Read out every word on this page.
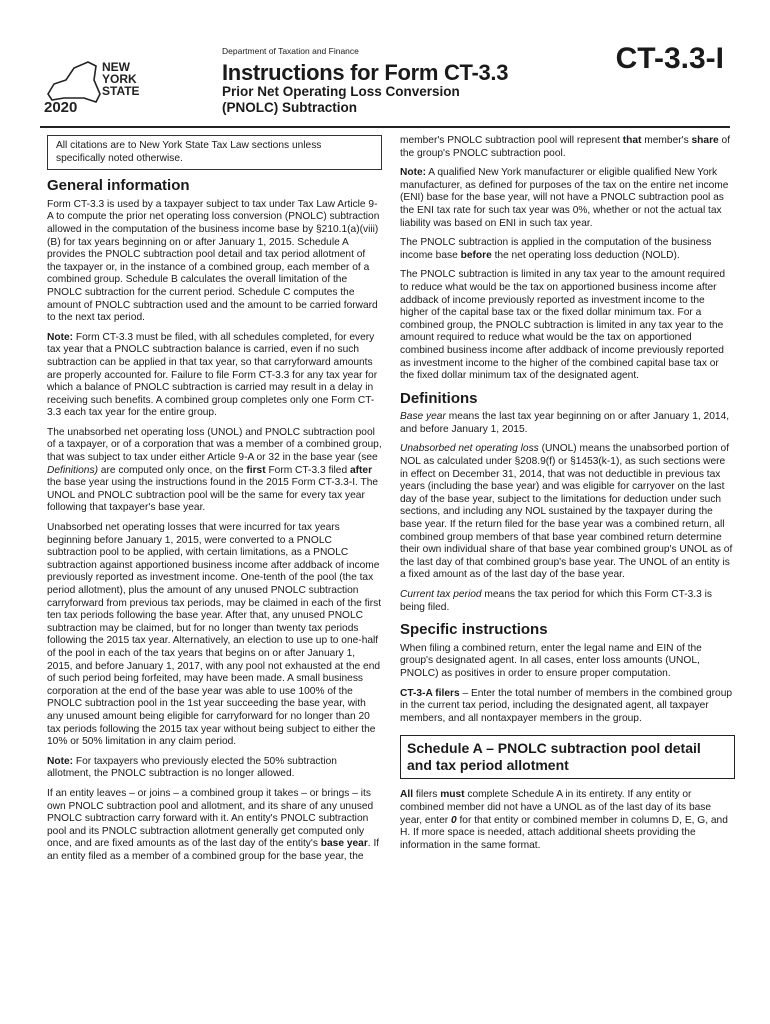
NEW
YORK
STATE
2020
Department of Taxation and Finance
Instructions for Form CT-3.3
Prior Net Operating Loss Conversion
(PNOLC) Subtraction
CT-3.3-I

All citations are to New York State Tax Law sections unless specifically noted otherwise.

General information

Form CT-3.3 is used by a taxpayer subject to tax under Tax Law Article 9-A to compute the prior net operating loss conversion (PNOLC) subtraction allowed in the computation of the business income base by §210.1(a)(viii)(B) for tax years beginning on or after January 1, 2015. Schedule A provides the PNOLC subtraction pool detail and tax period allotment of the taxpayer or, in the instance of a combined group, each member of a combined group. Schedule B calculates the overall limitation of the PNOLC subtraction for the current period. Schedule C computes the amount of PNOLC subtraction used and the amount to be carried forward to the next tax period.

Note: Form CT-3.3 must be filed, with all schedules completed, for every tax year that a PNOLC subtraction balance is carried, even if no such subtraction can be applied in that tax year, so that carryforward amounts are properly accounted for. Failure to file Form CT-3.3 for any tax year for which a balance of PNOLC subtraction is carried may result in a delay in receiving such benefits. A combined group completes only one Form CT-3.3 each tax year for the entire group.

The unabsorbed net operating loss (UNOL) and PNOLC subtraction pool of a taxpayer, or of a corporation that was a member of a combined group, that was subject to tax under either Article 9-A or 32 in the base year (see Definitions) are computed only once, on the first Form CT-3.3 filed after the base year using the instructions found in the 2015 Form CT-3.3-I. The UNOL and PNOLC subtraction pool will be the same for every tax year following that taxpayer's base year.

Unabsorbed net operating losses that were incurred for tax years beginning before January 1, 2015, were converted to a PNOLC subtraction pool to be applied, with certain limitations, as a PNOLC subtraction against apportioned business income after addback of income previously reported as investment income. One-tenth of the pool (the tax period allotment), plus the amount of any unused PNOLC subtraction carryforward from previous tax periods, may be claimed in each of the first ten tax periods following the base year. After that, any unused PNOLC subtraction may be claimed, but for no longer than twenty tax periods following the 2015 tax year. Alternatively, an election to use up to one-half of the pool in each of the tax years that begins on or after January 1, 2015, and before January 1, 2017, with any pool not exhausted at the end of such period being forfeited, may have been made. A small business corporation at the end of the base year was able to use 100% of the PNOLC subtraction pool in the 1st year succeeding the base year, with any unused amount being eligible for carryforward for no longer than 20 tax periods following the 2015 tax year without being subject to either the 10% or 50% limitation in any claim period.

Note: For taxpayers who previously elected the 50% subtraction allotment, the PNOLC subtraction is no longer allowed.

If an entity leaves – or joins – a combined group it takes – or brings – its own PNOLC subtraction pool and allotment, and its share of any unused PNOLC subtraction carry forward with it. An entity's PNOLC subtraction pool and its PNOLC subtraction allotment generally get computed only once, and are fixed amounts as of the last day of the entity's base year. If an entity filed as a member of a combined group for the base year, the

member's PNOLC subtraction pool will represent that member's share of the group's PNOLC subtraction pool.

Note: A qualified New York manufacturer or eligible qualified New York manufacturer, as defined for purposes of the tax on the entire net income (ENI) base for the base year, will not have a PNOLC subtraction pool as the ENI tax rate for such tax year was 0%, whether or not the actual tax liability was based on ENI in such tax year.

The PNOLC subtraction is applied in the computation of the business income base before the net operating loss deduction (NOLD).

The PNOLC subtraction is limited in any tax year to the amount required to reduce what would be the tax on apportioned business income after addback of income previously reported as investment income to the higher of the capital base tax or the fixed dollar minimum tax. For a combined group, the PNOLC subtraction is limited in any tax year to the amount required to reduce what would be the tax on apportioned combined business income after addback of income previously reported as investment income to the higher of the combined capital base tax or the fixed dollar minimum tax of the designated agent.

Definitions

Base year means the last tax year beginning on or after January 1, 2014, and before January 1, 2015.

Unabsorbed net operating loss (UNOL) means the unabsorbed portion of NOL as calculated under §208.9(f) or §1453(k-1), as such sections were in effect on December 31, 2014, that was not deductible in previous tax years (including the base year) and was eligible for carryover on the last day of the base year, subject to the limitations for deduction under such sections, and including any NOL sustained by the taxpayer during the base year. If the return filed for the base year was a combined return, all combined group members of that base year combined return determine their own individual share of that base year combined group's UNOL as of the last day of that combined group's base year. The UNOL of an entity is a fixed amount as of the last day of the base year.

Current tax period means the tax period for which this Form CT-3.3 is being filed.

Specific instructions

When filing a combined return, enter the legal name and EIN of the group's designated agent. In all cases, enter loss amounts (UNOL, PNOLC) as positives in order to ensure proper computation.

CT-3-A filers – Enter the total number of members in the combined group in the current tax period, including the designated agent, all taxpayer members, and all nontaxpayer members in the group.

Schedule A – PNOLC subtraction pool detail and tax period allotment

All filers must complete Schedule A in its entirety. If any entity or combined member did not have a UNOL as of the last day of its base year, enter 0 for that entity or combined member in columns D, E, G, and H. If more space is needed, attach additional sheets providing the information in the same format.
